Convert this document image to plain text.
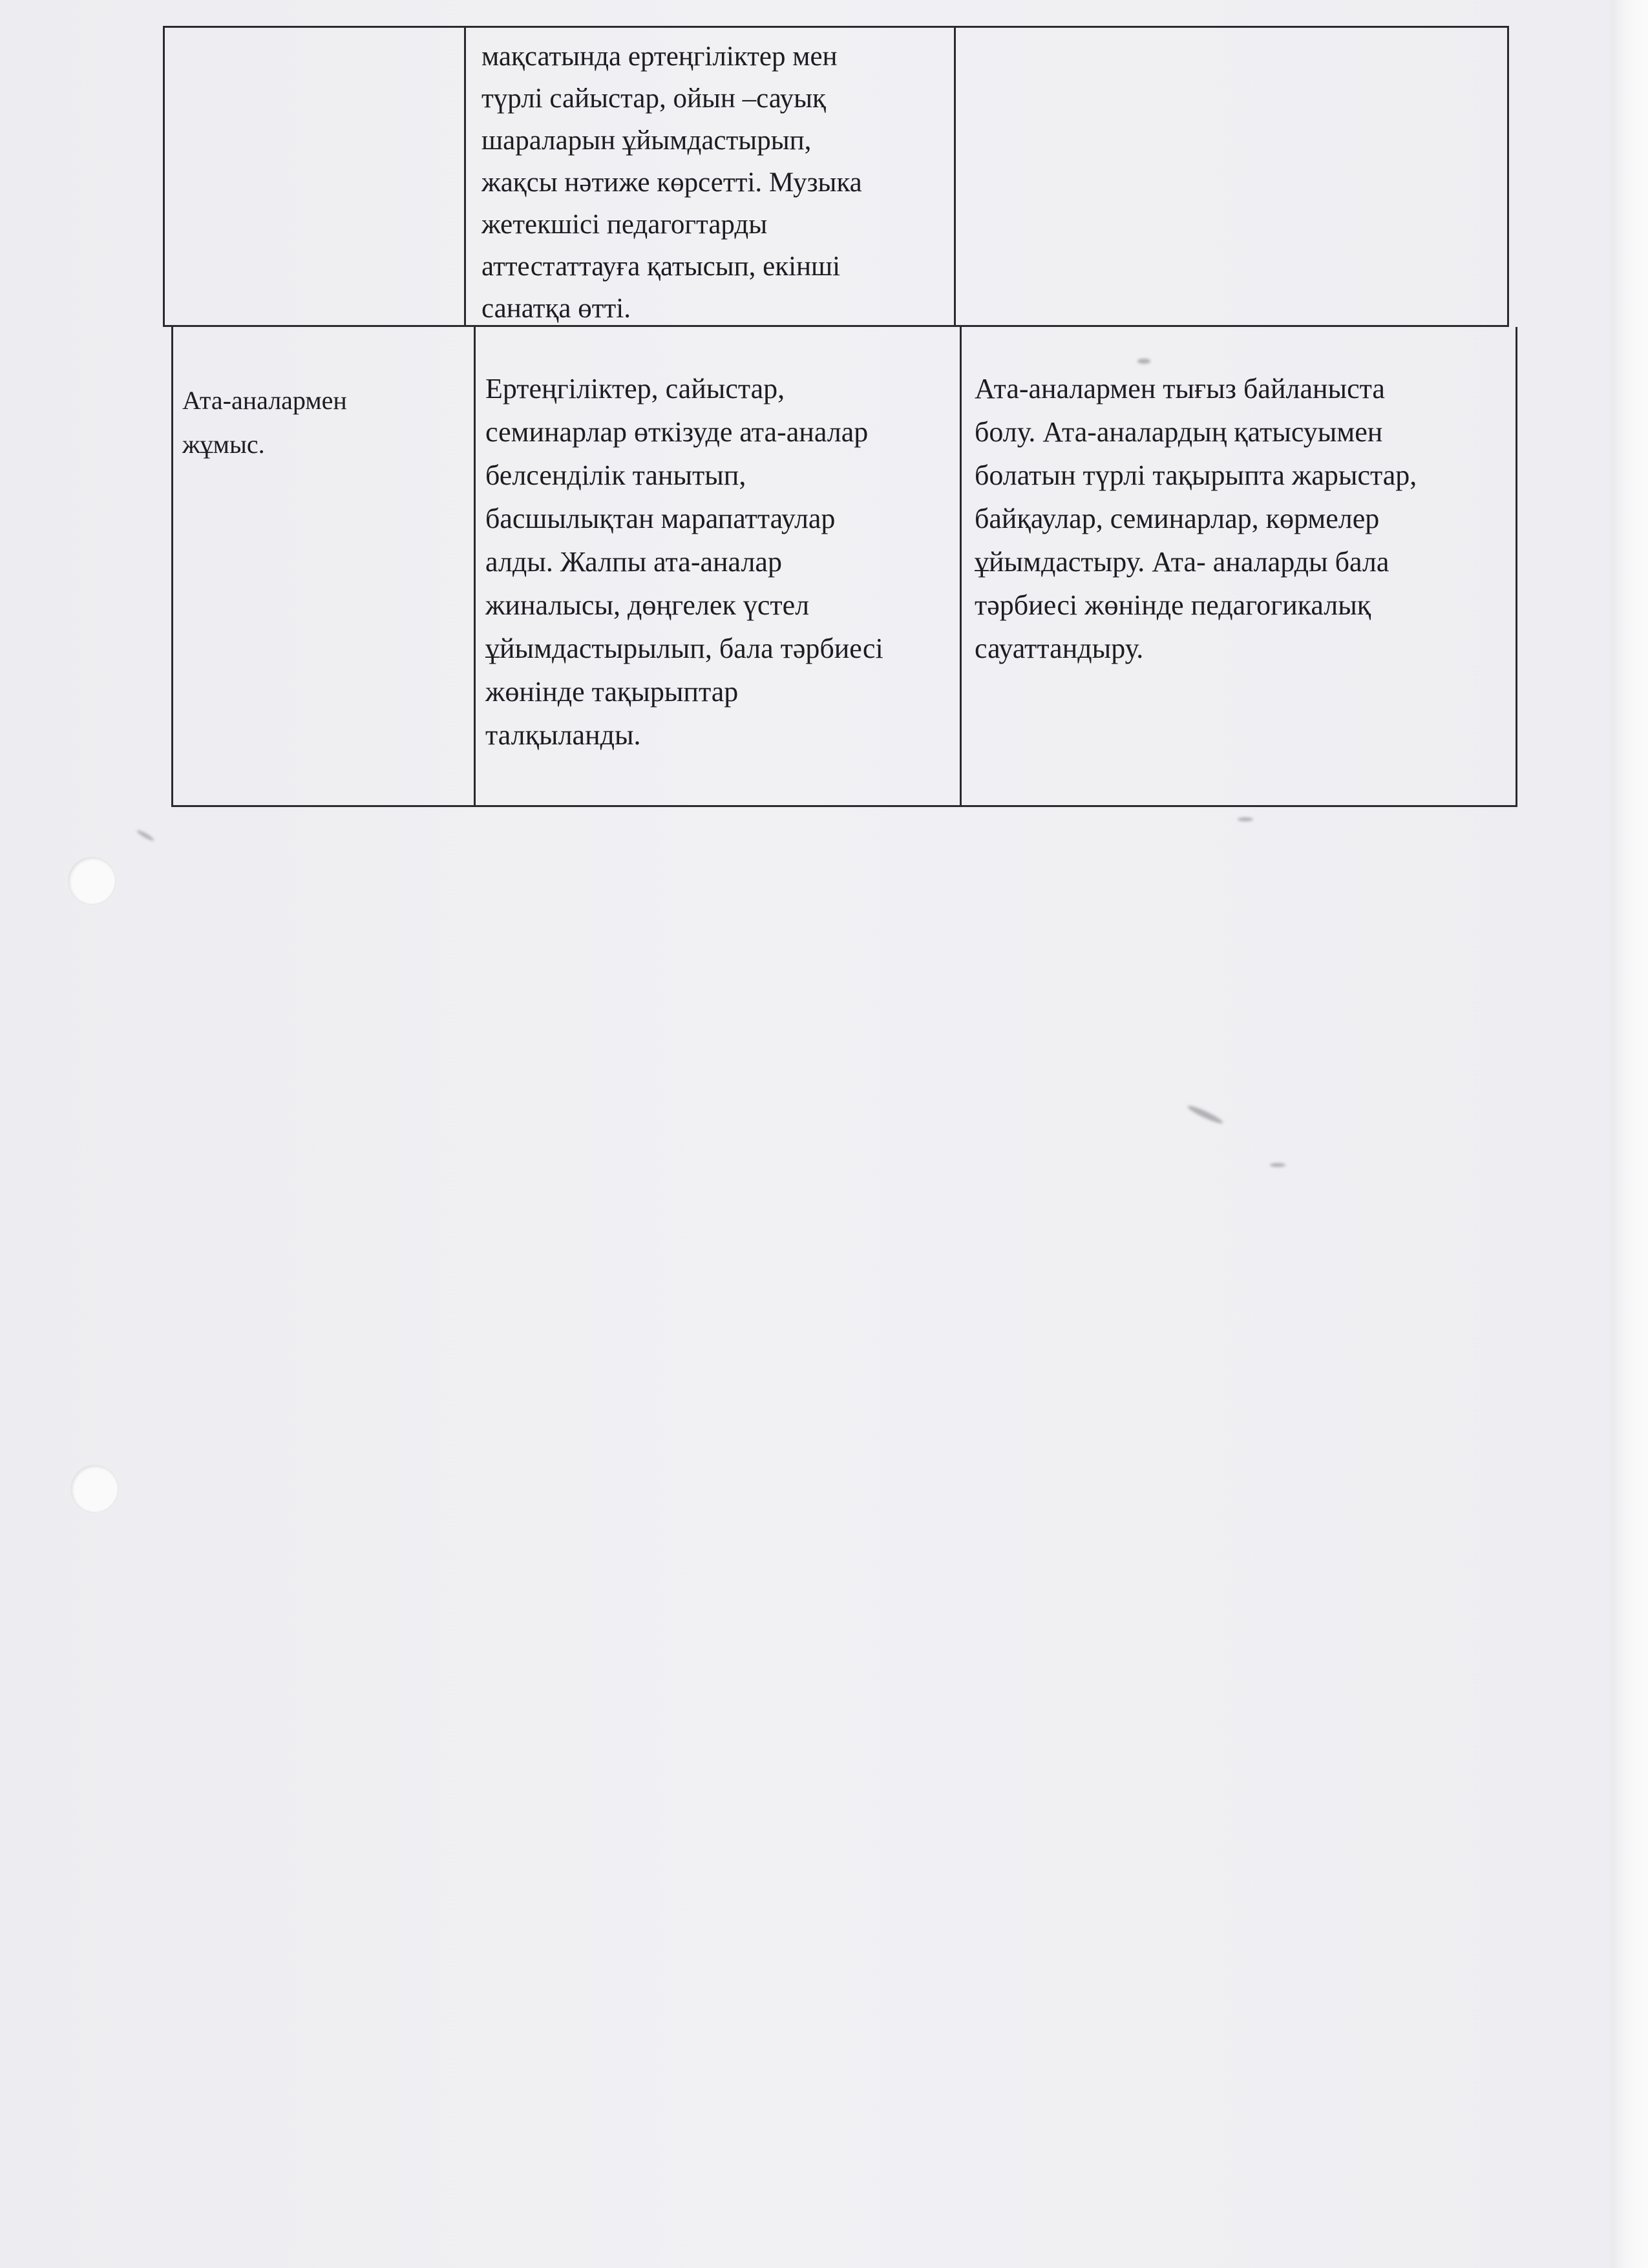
мақсатында ертеңгіліктер мен
түрлі сайыстар, ойын –сауық
шараларын ұйымдастырып,
жақсы нәтиже көрсетті. Музыка
жетекшісі педагогтарды
аттестаттауға қатысып, екінші
санатқа өтті.

Ата-аналармен
жұмыс.

Ертеңгіліктер, сайыстар,
семинарлар өткізуде ата-аналар
белсенділік танытып,
басшылықтан марапаттаулар
алды. Жалпы ата-аналар
жиналысы, дөңгелек үстел
ұйымдастырылып, бала тәрбиесі
жөнінде тақырыптар
талқыланды.

Ата-аналармен тығыз байланыста
болу. Ата-аналардың қатысуымен
болатын түрлі тақырыпта жарыстар,
байқаулар, семинарлар, көрмелер
ұйымдастыру. Ата- аналарды бала
тәрбиесі жөнінде педагогикалық
сауаттандыру.
